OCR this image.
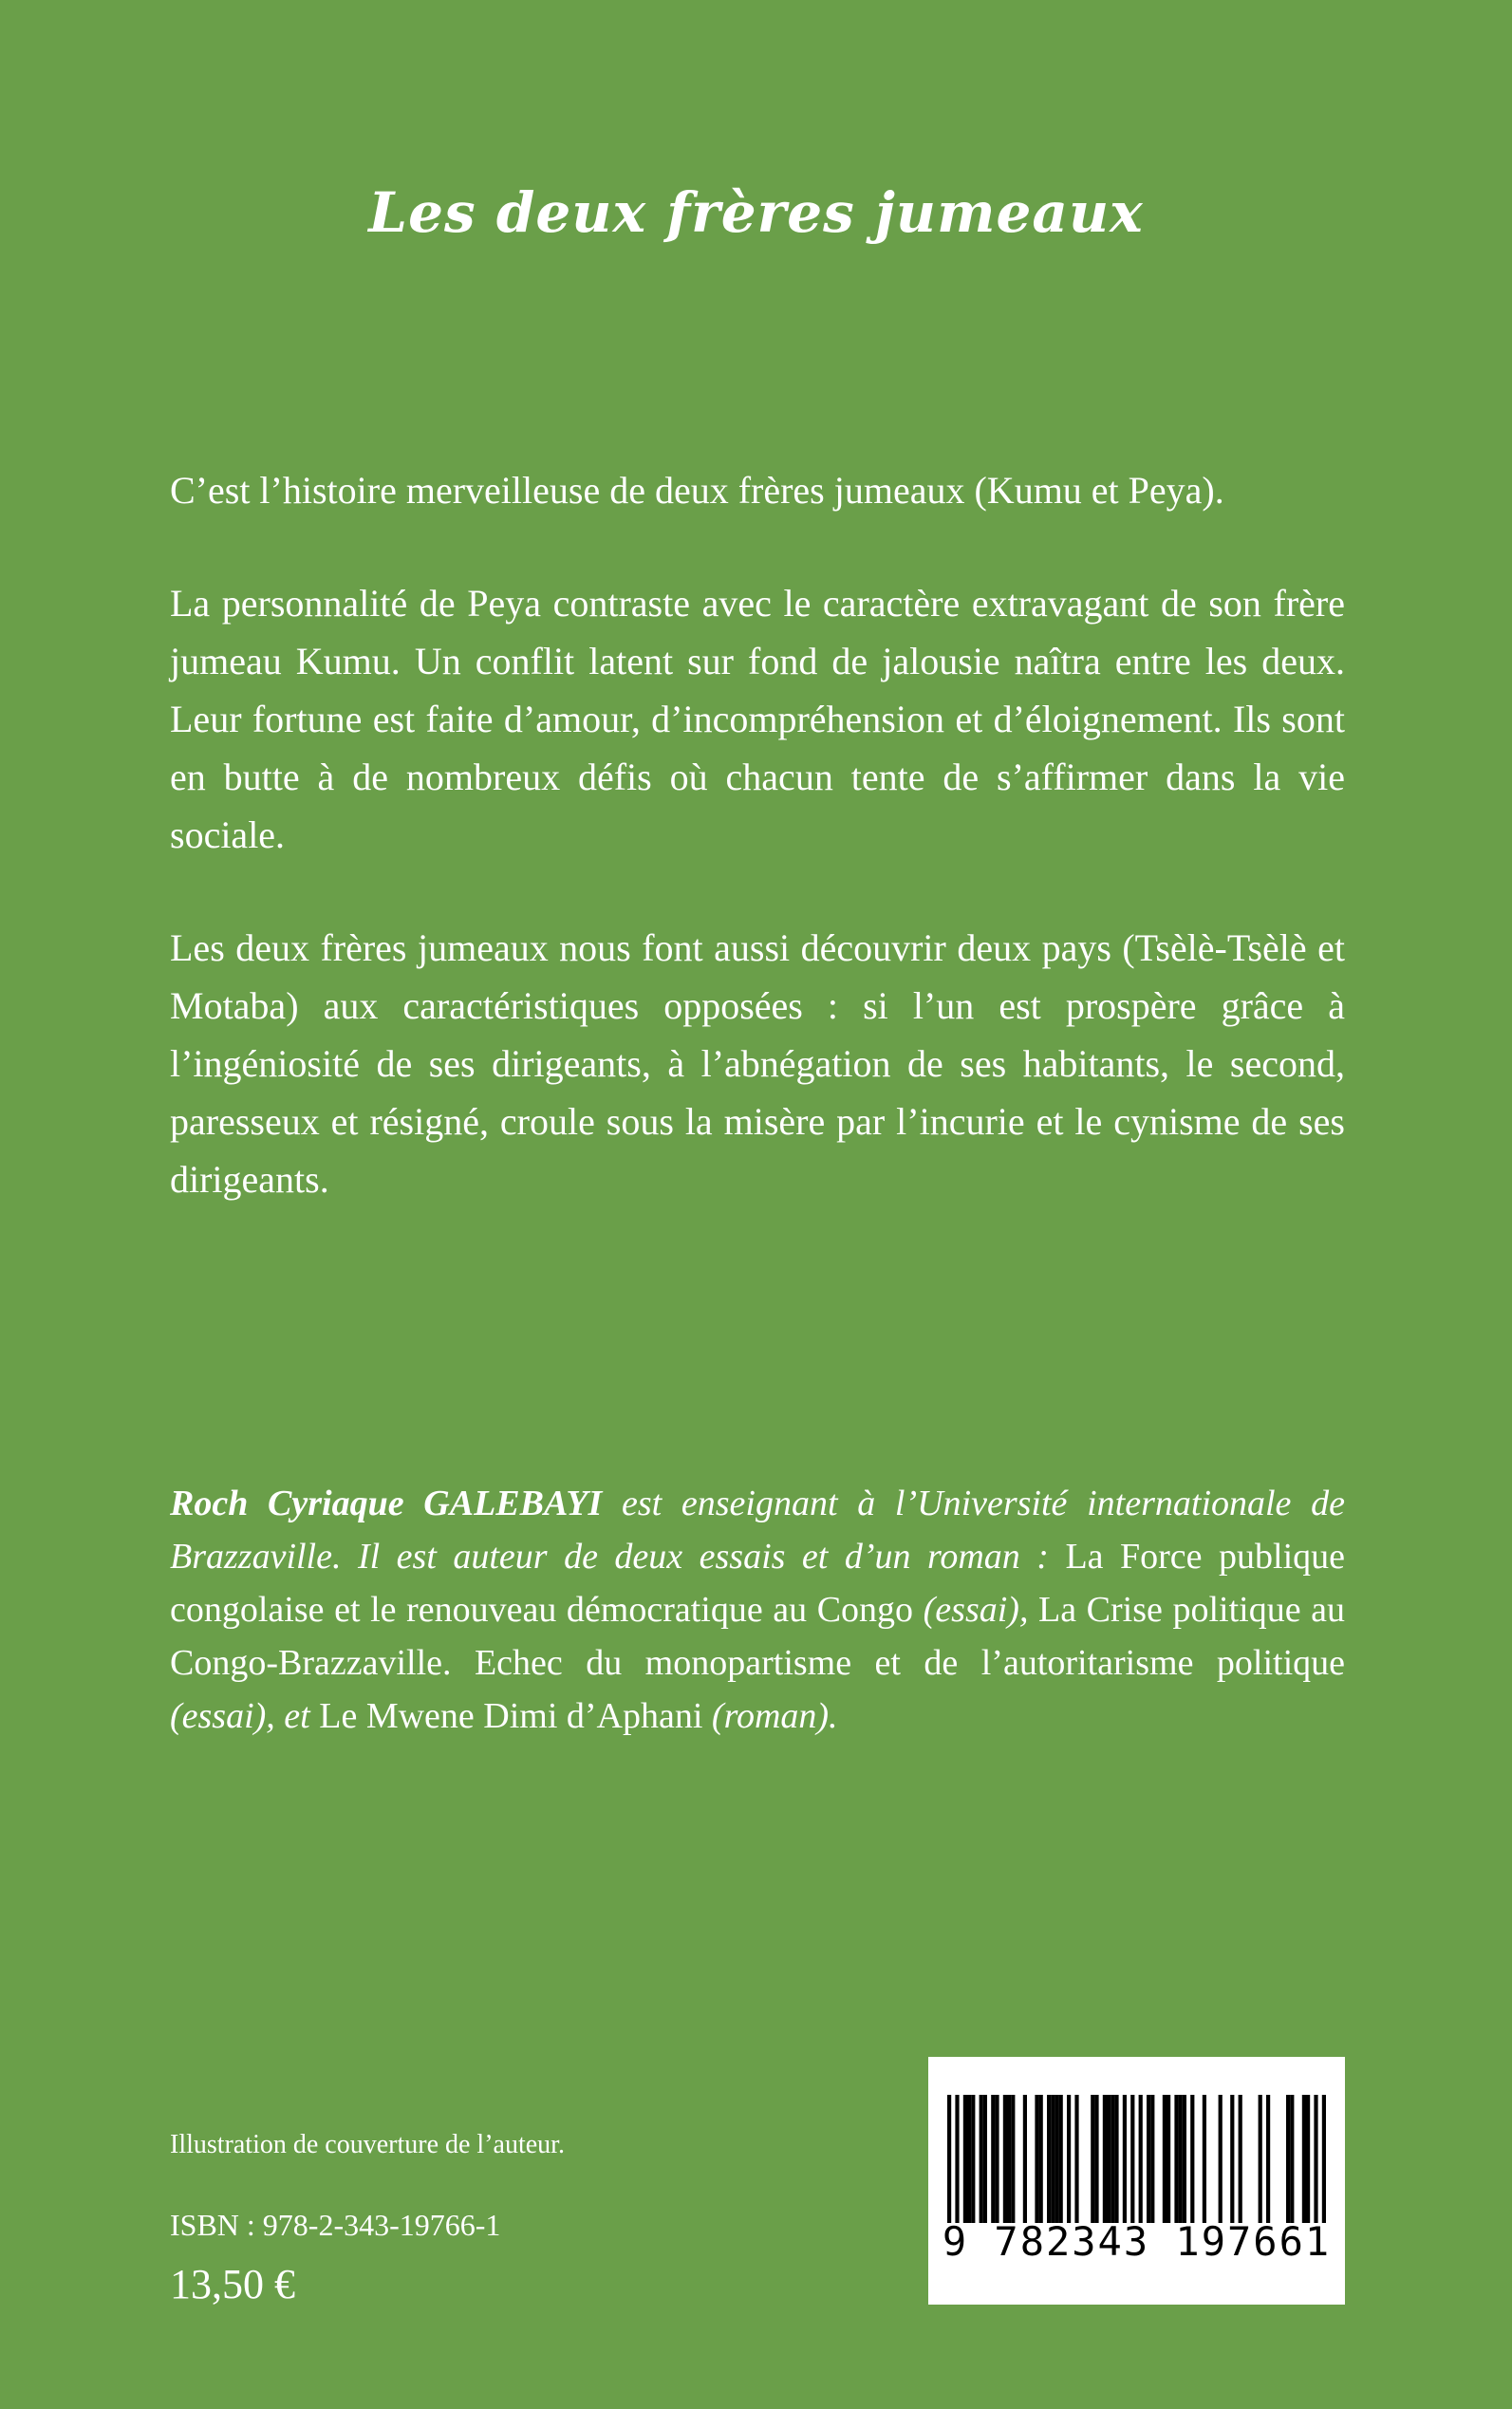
Les deux frères jumeaux

C’est l’histoire merveilleuse de deux frères jumeaux (Kumu et Peya).

La personnalité de Peya contraste avec le caractère extravagant de son frère jumeau Kumu. Un conflit latent sur fond de jalousie naîtra entre les deux. Leur fortune est faite d’amour, d’incompréhension et d’éloignement. Ils sont en butte à de nombreux défis où chacun tente de s’affirmer dans la vie sociale.

Les deux frères jumeaux nous font aussi découvrir deux pays (Tsèlè-Tsèlè et Motaba) aux caractéristiques opposées : si l’un est prospère grâce à l’ingéniosité de ses dirigeants, à l’abnégation de ses habitants, le second, paresseux et résigné, croule sous la misère par l’incurie et le cynisme de ses dirigeants.

Roch Cyriaque GALEBAYI est enseignant à l’Université internationale de Brazzaville. Il est auteur de deux essais et d’un roman : La Force publique congolaise et le renouveau démocratique au Congo (essai), La Crise politique au Congo-Brazzaville. Echec du monopartisme et de l’autoritarisme politique (essai), et Le Mwene Dimi d’Aphani (roman).

Illustration de couverture de l’auteur.

ISBN : 978-2-343-19766-1

13,50 €

9 782343 197661
